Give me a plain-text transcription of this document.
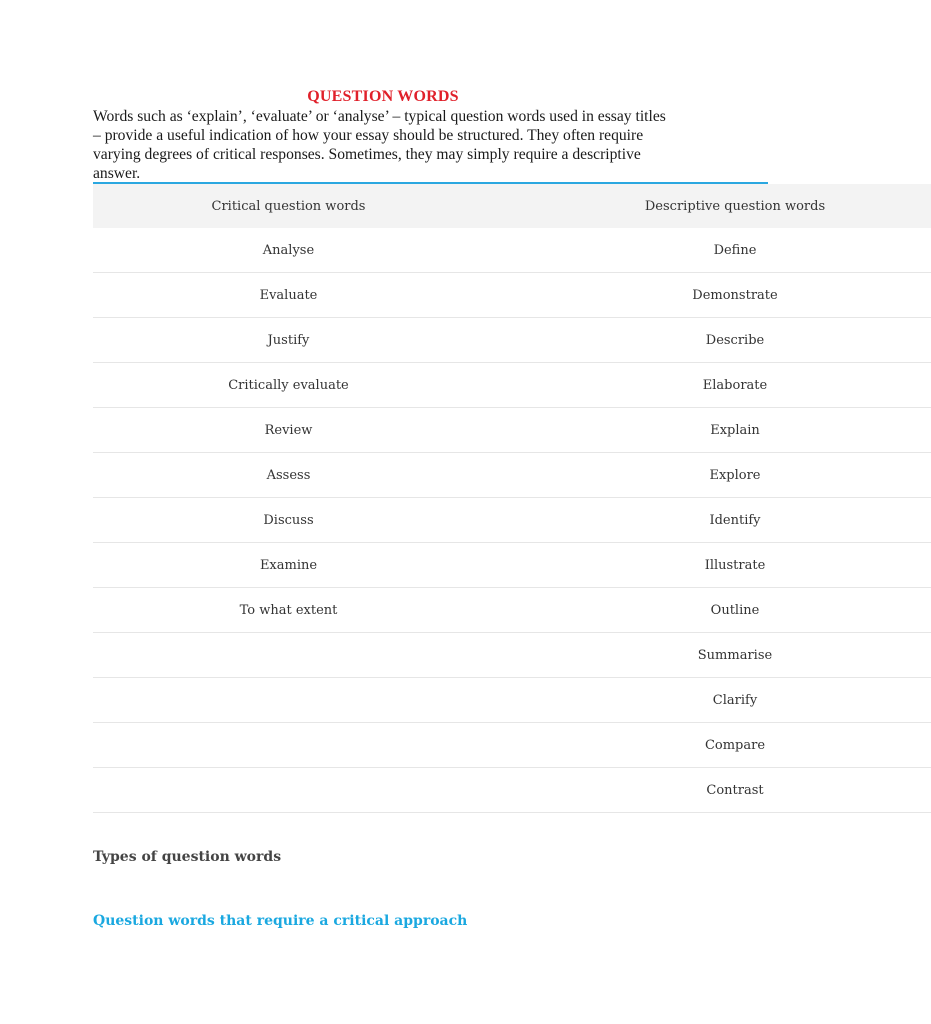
QUESTION WORDS
Words such as ‘explain’, ‘evaluate’ or ‘analyse’ – typical question words used in essay titles – provide a useful indication of how your essay should be structured. They often require varying degrees of critical responses. Sometimes, they may simply require a descriptive answer.
Critical question words	Descriptive question words
Analyse	Define
Evaluate	Demonstrate
Justify	Describe
Critically evaluate	Elaborate
Review	Explain
Assess	Explore
Discuss	Identify
Examine	Illustrate
To what extent	Outline
	Summarise
	Clarify
	Compare
	Contrast
Types of question words
Question words that require a critical approach
